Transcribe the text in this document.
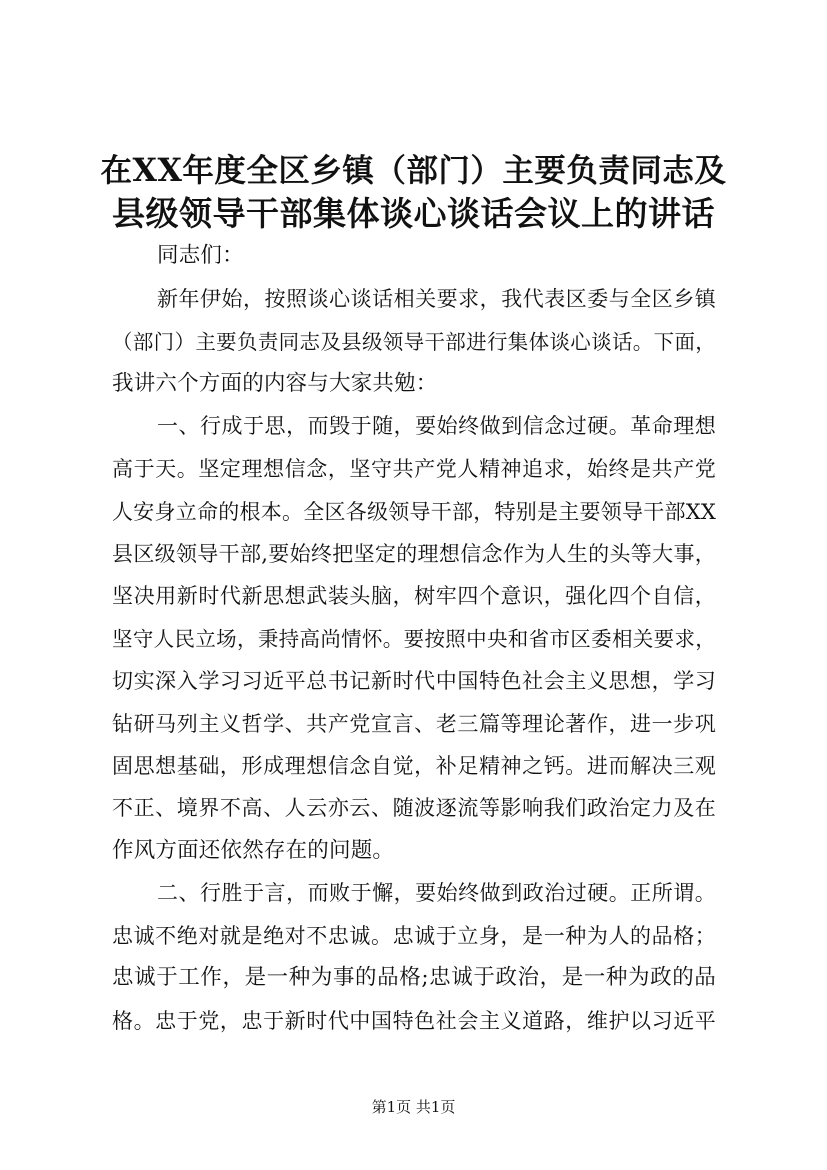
在XX年度全区乡镇（部门）主要负责同志及
县级领导干部集体谈心谈话会议上的讲话
同志们：
新年伊始，按照谈心谈话相关要求，我代表区委与全区乡镇
（部门）主要负责同志及县级领导干部进行集体谈心谈话。下面，
我讲六个方面的内容与大家共勉：
一、行成于思，而毁于随，要始终做到信念过硬。革命理想
高于天。坚定理想信念，坚守共产党人精神追求，始终是共产党
人安身立命的根本。全区各级领导干部，特别是主要领导干部XX
县区级领导干部,要始终把坚定的理想信念作为人生的头等大事，
坚决用新时代新思想武装头脑，树牢四个意识，强化四个自信，
坚守人民立场，秉持高尚情怀。要按照中央和省市区委相关要求，
切实深入学习习近平总书记新时代中国特色社会主义思想，学习
钻研马列主义哲学、共产党宣言、老三篇等理论著作，进一步巩
固思想基础，形成理想信念自觉，补足精神之钙。进而解决三观
不正、境界不高、人云亦云、随波逐流等影响我们政治定力及在
作风方面还依然存在的问题。
二、行胜于言，而败于懈，要始终做到政治过硬。正所谓。
忠诚不绝对就是绝对不忠诚。忠诚于立身，是一种为人的品格；
忠诚于工作，是一种为事的品格;忠诚于政治，是一种为政的品
格。忠于党，忠于新时代中国特色社会主义道路，维护以习近平
第1页 共1页
